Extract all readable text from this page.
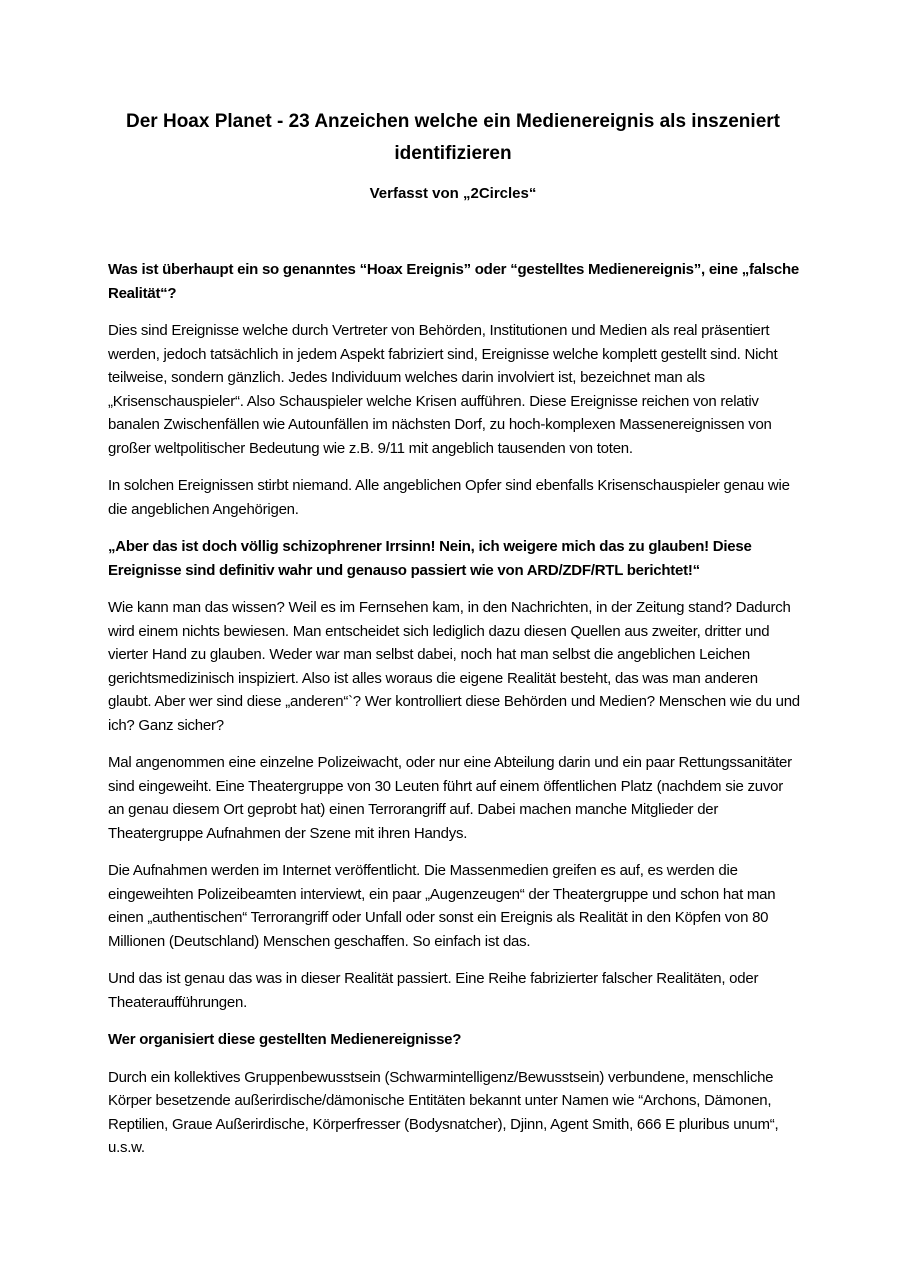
Der Hoax Planet - 23 Anzeichen welche ein Medienereignis als inszeniert identifizieren

Verfasst von „2Circles“

Was ist überhaupt ein so genanntes “Hoax Ereignis” oder “gestelltes Medienereignis”, eine „falsche Realität“?

Dies sind Ereignisse welche durch Vertreter von Behörden, Institutionen und Medien als real präsentiert werden, jedoch tatsächlich in jedem Aspekt fabriziert sind, Ereignisse welche komplett gestellt sind. Nicht teilweise, sondern gänzlich. Jedes Individuum welches darin involviert ist, bezeichnet man als „Krisenschauspieler“. Also Schauspieler welche Krisen aufführen. Diese Ereignisse reichen von relativ banalen Zwischenfällen wie Autounfällen im nächsten Dorf, zu hoch-komplexen Massenereignissen von großer weltpolitischer Bedeutung wie z.B. 9/11 mit angeblich tausenden von toten.

In solchen Ereignissen stirbt niemand. Alle angeblichen Opfer sind ebenfalls Krisenschauspieler genau wie die angeblichen Angehörigen.

„Aber das ist doch völlig schizophrener Irrsinn! Nein, ich weigere mich das zu glauben! Diese Ereignisse sind definitiv wahr und genauso passiert wie von ARD/ZDF/RTL berichtet!“

Wie kann man das wissen? Weil es im Fernsehen kam, in den Nachrichten, in der Zeitung stand? Dadurch wird einem nichts bewiesen. Man entscheidet sich lediglich dazu diesen Quellen aus zweiter, dritter und vierter Hand zu glauben. Weder war man selbst dabei, noch hat man selbst die angeblichen Leichen gerichtsmedizinisch inspiziert. Also ist alles woraus die eigene Realität besteht, das was man anderen glaubt. Aber wer sind diese „anderen“`? Wer kontrolliert diese Behörden und Medien? Menschen wie du und ich? Ganz sicher?

Mal angenommen eine einzelne Polizeiwacht, oder nur eine Abteilung darin und ein paar Rettungssanitäter sind eingeweiht. Eine Theatergruppe von 30 Leuten führt auf einem öffentlichen Platz (nachdem sie zuvor an genau diesem Ort geprobt hat) einen Terrorangriff auf. Dabei machen manche Mitglieder der Theatergruppe Aufnahmen der Szene mit ihren Handys.

Die Aufnahmen werden im Internet veröffentlicht. Die Massenmedien greifen es auf, es werden die eingeweihten Polizeibeamten interviewt, ein paar „Augenzeugen“ der Theatergruppe und schon hat man einen „authentischen“ Terrorangriff oder Unfall oder sonst ein Ereignis als Realität in den Köpfen von 80 Millionen (Deutschland) Menschen geschaffen. So einfach ist das.

Und das ist genau das was in dieser Realität passiert. Eine Reihe fabrizierter falscher Realitäten, oder Theateraufführungen.

Wer organisiert diese gestellten Medienereignisse?

Durch ein kollektives Gruppenbewusstsein (Schwarmintelligenz/Bewusstsein) verbundene, menschliche Körper besetzende außerirdische/dämonische Entitäten bekannt unter Namen wie “Archons, Dämonen, Reptilien, Graue Außerirdische, Körperfresser (Bodysnatcher), Djinn, Agent Smith, 666 E pluribus unum“, u.s.w.
